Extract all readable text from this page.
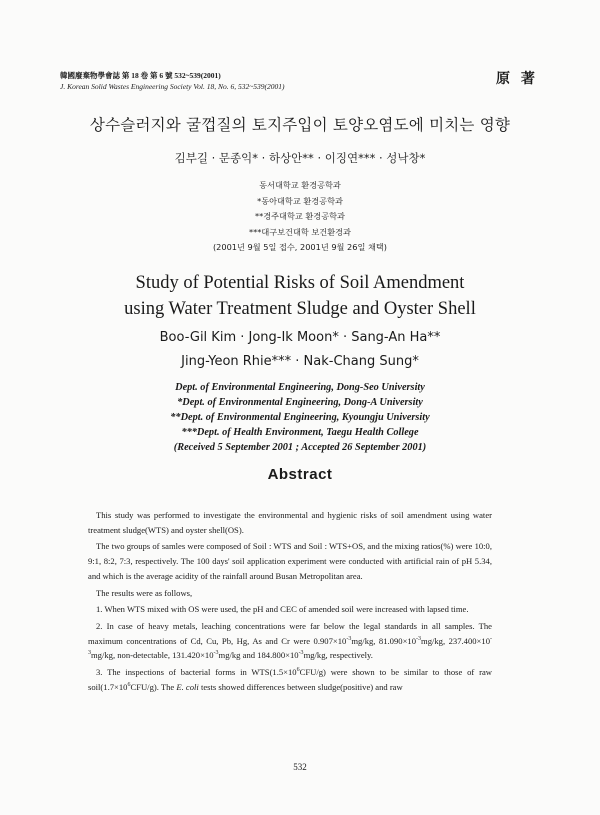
韓國廢棄物學會誌 第 18 卷 第 6 號 532~539(2001)
J. Korean Solid Wastes Engineering Society Vol. 18, No. 6, 532~539(2001)	原 著
상수슬러지와 굴껍질의 토지주입이 토양오염도에 미치는 영향
김부길 · 문종익* · 하상안** · 이징연*** · 성낙창*
동서대학교 환경공학과
*동아대학교 환경공학과
**경주대학교 환경공학과
***대구보건대학 보건환경과
(2001년 9월 5일 접수, 2001년 9월 26일 채택)
Study of Potential Risks of Soil Amendment
using Water Treatment Sludge and Oyster Shell
Boo-Gil Kim · Jong-Ik Moon* · Sang-An Ha**
Jing-Yeon Rhie*** · Nak-Chang Sung*
Dept. of Environmental Engineering, Dong-Seo University
*Dept. of Environmental Engineering, Dong-A University
**Dept. of Environmental Engineering, Kyoungju University
***Dept. of Health Environment, Taegu Health College
(Received 5 September 2001 ; Accepted 26 September 2001)
Abstract

This study was performed to investigate the environmental and hygienic risks of soil amendment using water treatment sludge(WTS) and oyster shell(OS).

The two groups of samles were composed of Soil : WTS and Soil : WTS+OS, and the mixing ratios(%) were 10:0, 9:1, 8:2, 7:3, respectively. The 100 days' soil application experiment were conducted with artificial rain of pH 5.34, and which is the average acidity of the rainfall around Busan Metropolitan area.

The results were as follows,

1. When WTS mixed with OS were used, the pH and CEC of amended soil were increased with lapsed time.

2. In case of heavy metals, leaching concentrations were far below the legal standards in all samples. The maximum concentrations of Cd, Cu, Pb, Hg, As and Cr were $0.907\times 10^{-3}mg/kg$, $81.090\times 10^{-3}mg/kg$, $237.400\times 10^{-3}mg/kg$, non-detectable, $131.420\times 10^{-3}mg/kg$ and $184.800\times 10^{-3}mg/kg$, respectively.

3. The inspections of bacterial forms in $WTS(1.5\times 10^6CFU/g)$ were shown to be similar to those of raw $soil(1.7\times 10^6CFU/g)$. The E. coli tests showed differences between sludge(positive) and raw

532
